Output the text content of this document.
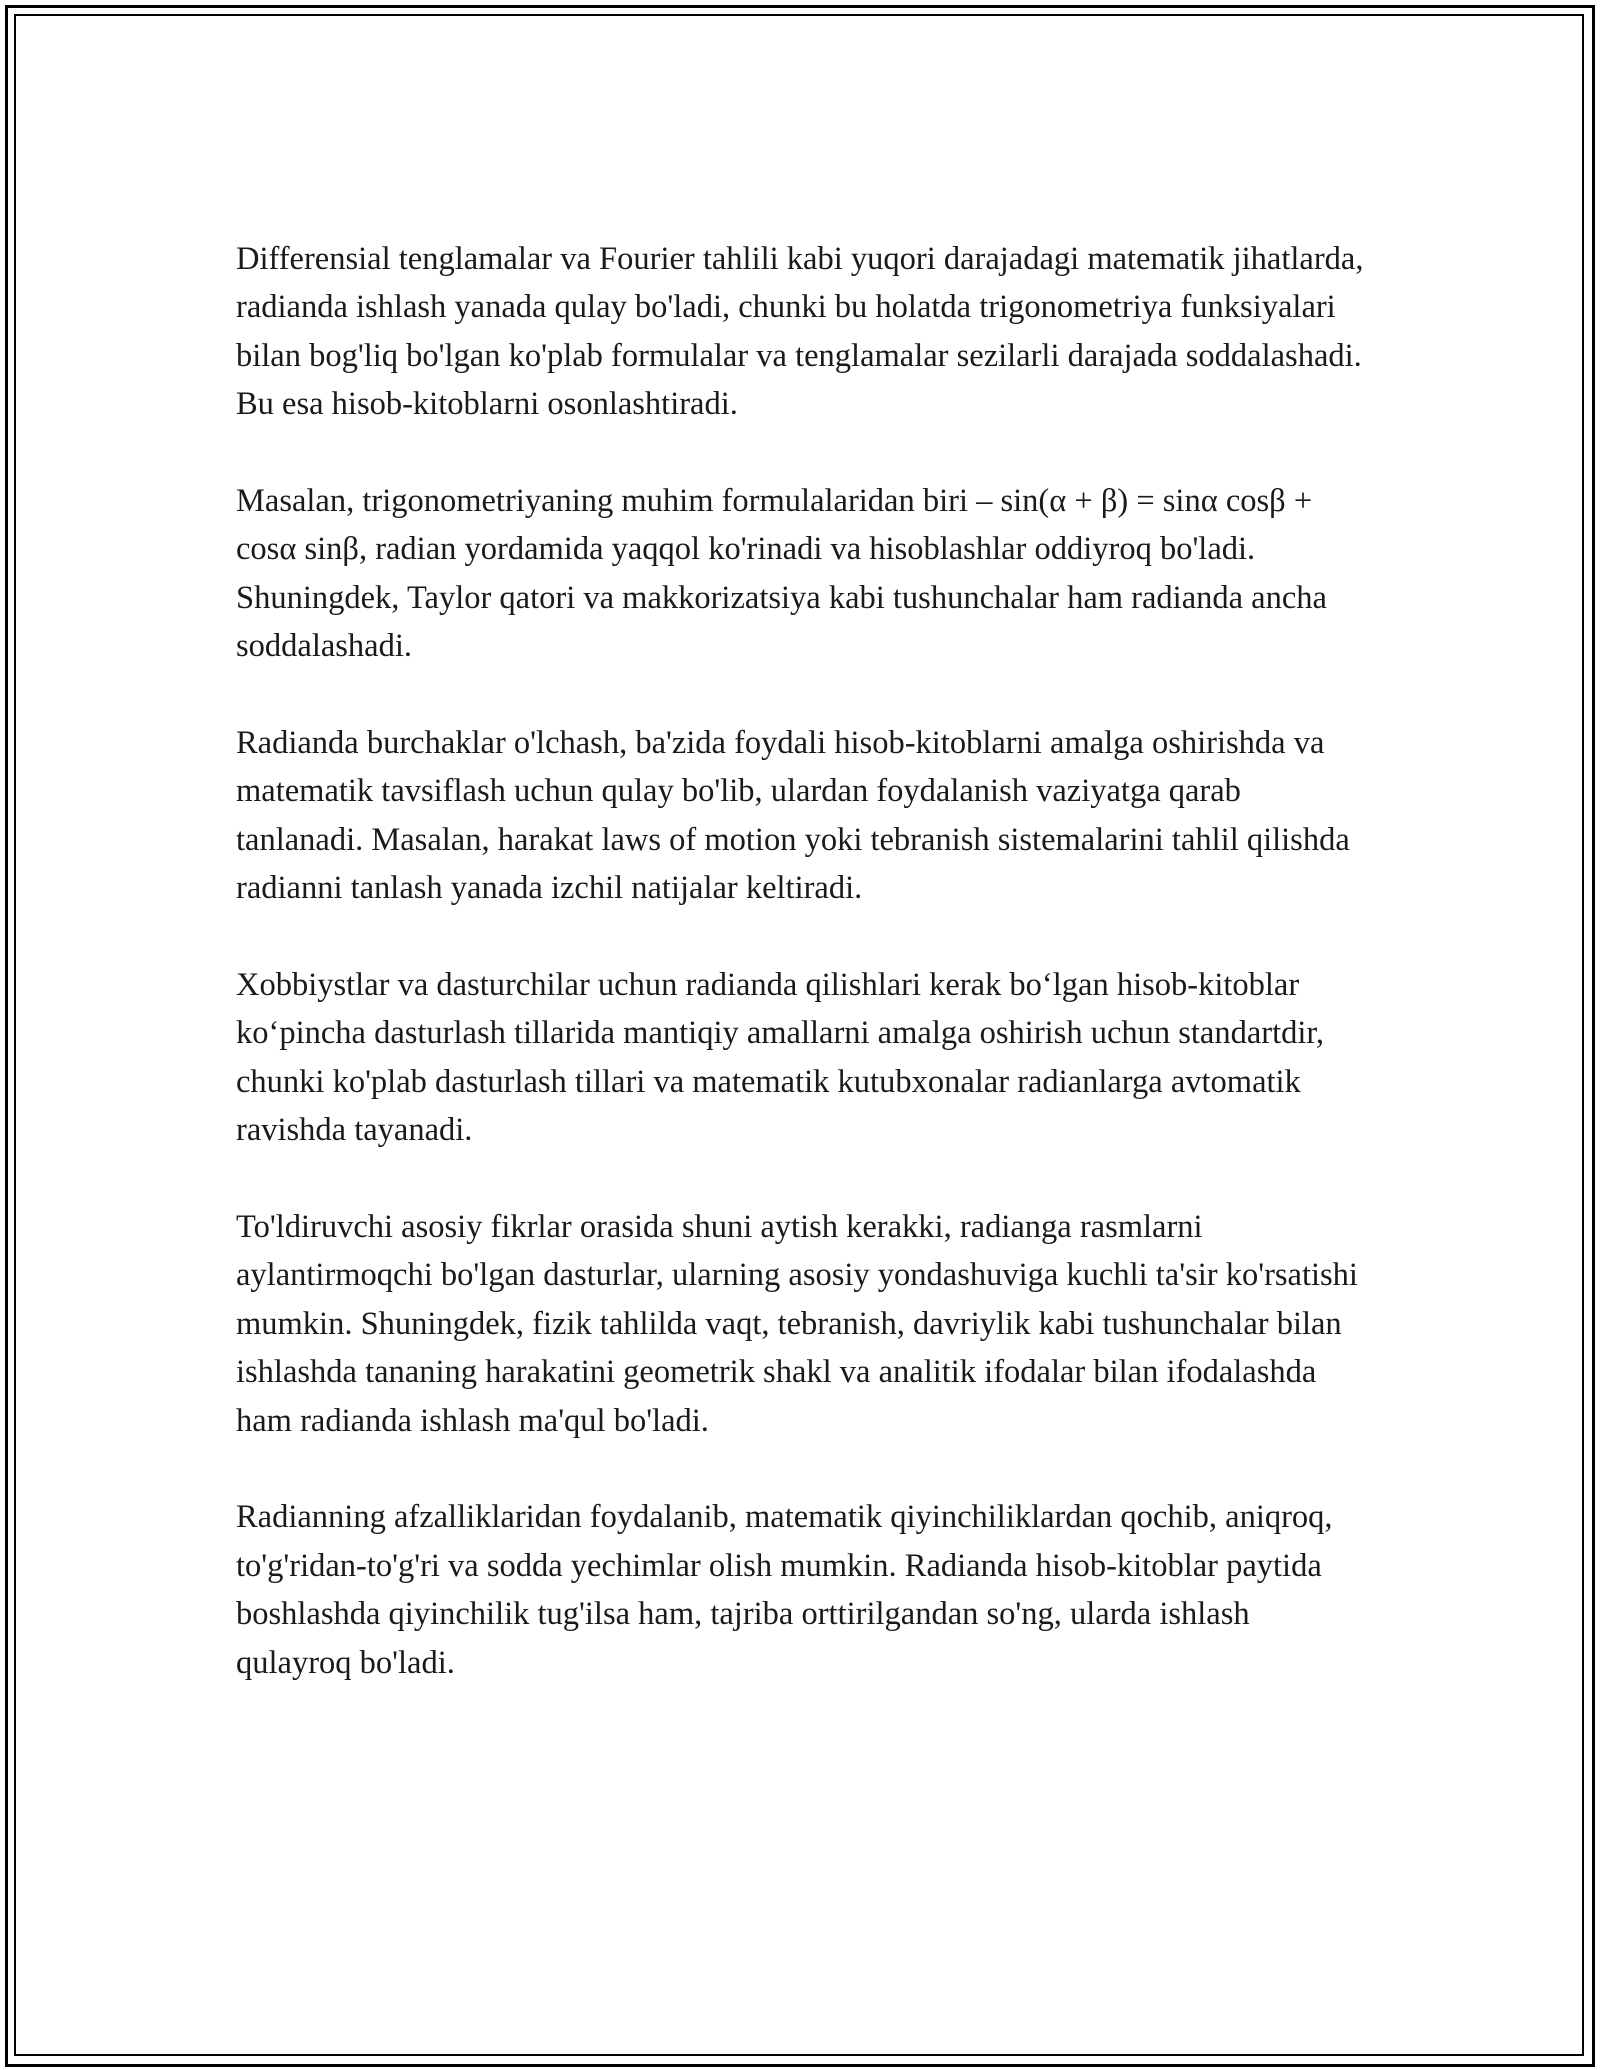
Differensial tenglamalar va Fourier tahlili kabi yuqori darajadagi matematik jihatlarda, radianda ishlash yanada qulay bo'ladi, chunki bu holatda trigonometriya funksiyalari bilan bog'liq bo'lgan ko'plab formulalar va tenglamalar sezilarli darajada soddalashadi. Bu esa hisob-kitoblarni osonlashtiradi.

Masalan, trigonometriyaning muhim formulalaridan biri – sin(α + β) = sinα cosβ + cosα sinβ, radian yordamida yaqqol ko'rinadi va hisoblashlar oddiyroq bo'ladi. Shuningdek, Taylor qatori va makkorizatsiya kabi tushunchalar ham radianda ancha soddalashadi.

Radianda burchaklar o'lchash, ba'zida foydali hisob-kitoblarni amalga oshirishda va matematik tavsiflash uchun qulay bo'lib, ulardan foydalanish vaziyatga qarab tanlanadi. Masalan, harakat laws of motion yoki tebranish sistemalarini tahlil qilishda radianni tanlash yanada izchil natijalar keltiradi.

Xobbiystlar va dasturchilar uchun radianda qilishlari kerak bo‘lgan hisob-kitoblar ko‘pincha dasturlash tillarida mantiqiy amallarni amalga oshirish uchun standartdir, chunki ko'plab dasturlash tillari va matematik kutubxonalar radianlarga avtomatik ravishda tayanadi.

To'ldiruvchi asosiy fikrlar orasida shuni aytish kerakki, radianga rasmlarni aylantirmoqchi bo'lgan dasturlar, ularning asosiy yondashuviga kuchli ta'sir ko'rsatishi mumkin. Shuningdek, fizik tahlilda vaqt, tebranish, davriylik kabi tushunchalar bilan ishlashda tananing harakatini geometrik shakl va analitik ifodalar bilan ifodalashda ham radianda ishlash ma'qul bo'ladi.

Radianning afzalliklaridan foydalanib, matematik qiyinchiliklardan qochib, aniqroq, to'g'ridan-to'g'ri va sodda yechimlar olish mumkin. Radianda hisob-kitoblar paytida boshlashda qiyinchilik tug'ilsa ham, tajriba orttirilgandan so'ng, ularda ishlash qulayroq bo'ladi.
